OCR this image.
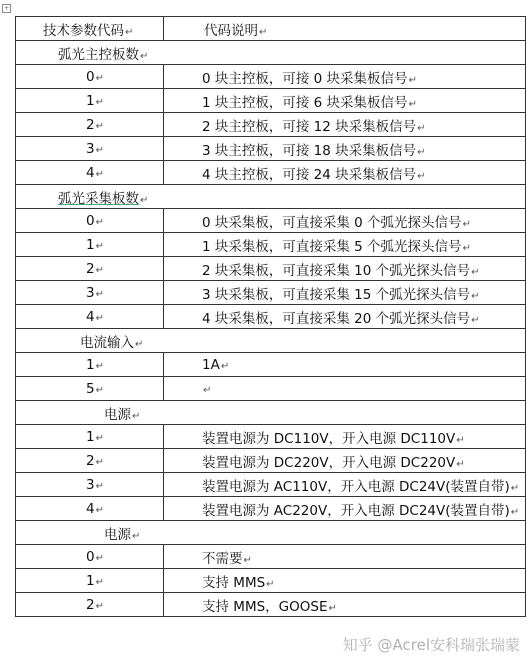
+
技术参数代码↵	代码说明↵
弧光主控板数↵	
0↵	0 块主控板，可接 0 块采集板信号↵
1↵	1 块主控板，可接 6 块采集板信号↵
2↵	2 块主控板，可接 12 块采集板信号↵
3↵	3 块主控板，可接 18 块采集板信号↵
4↵	4 块主控板，可接 24 块采集板信号↵
弧光采集板数↵	
0↵	0 块采集板，可直接采集 0 个弧光探头信号↵
1↵	1 块采集板，可直接采集 5 个弧光探头信号↵
2↵	2 块采集板，可直接采集 10 个弧光探头信号↵
3↵	3 块采集板，可直接采集 15 个弧光探头信号↵
4↵	4 块采集板，可直接采集 20 个弧光探头信号↵
电流输入↵	
1↵	1A↵
5↵	↵
电源↵	
1↵	装置电源为 DC110V，开入电源 DC110V↵
2↵	装置电源为 DC220V，开入电源 DC220V↵
3↵	装置电源为 AC110V，开入电源 DC24V(装置自带)↵
4↵	装置电源为 AC220V，开入电源 DC24V(装置自带)↵
电源↵	
0↵	不需要↵
1↵	支持 MMS↵
2↵	支持 MMS，GOOSE↵
知乎 @Acrel安科瑞张瑞蒙
